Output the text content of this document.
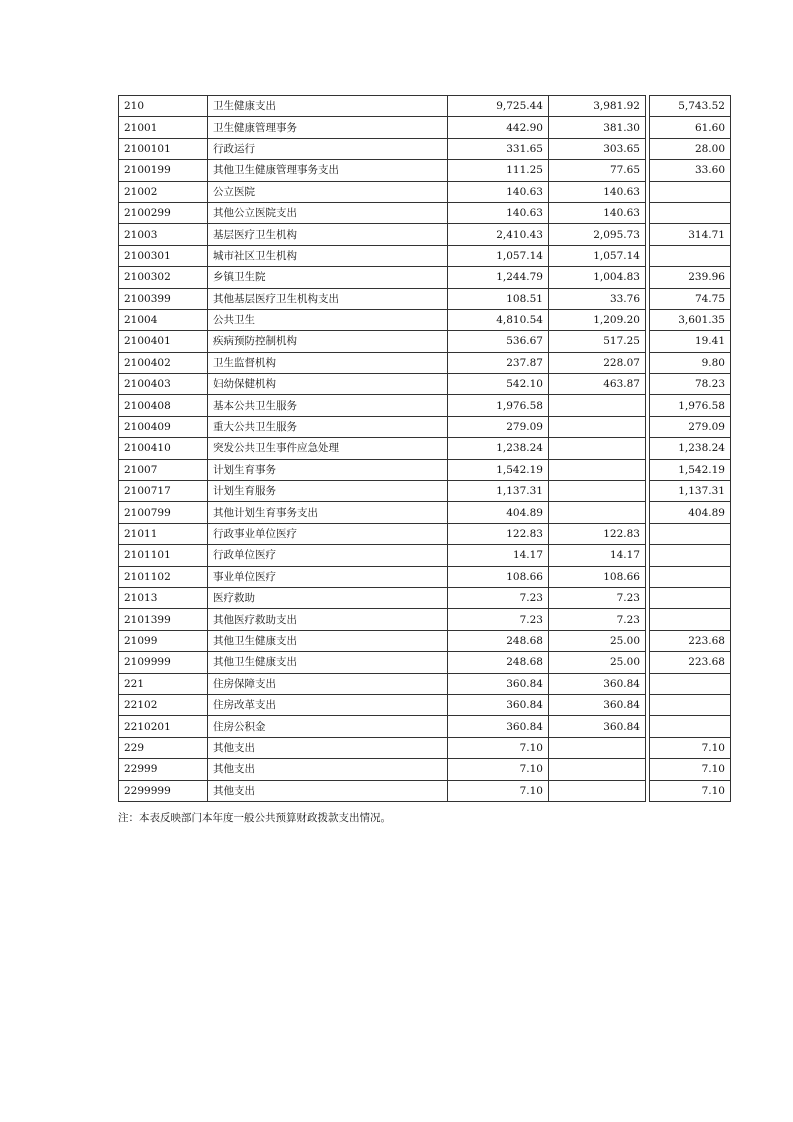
210	卫生健康支出	9,725.44	3,981.92		5,743.52
21001	卫生健康管理事务	442.90	381.30		61.60
2100101	行政运行	331.65	303.65		28.00
2100199	其他卫生健康管理事务支出	111.25	77.65		33.60
21002	公立医院	140.63	140.63		
2100299	其他公立医院支出	140.63	140.63		
21003	基层医疗卫生机构	2,410.43	2,095.73		314.71
2100301	城市社区卫生机构	1,057.14	1,057.14		
2100302	乡镇卫生院	1,244.79	1,004.83		239.96
2100399	其他基层医疗卫生机构支出	108.51	33.76		74.75
21004	公共卫生	4,810.54	1,209.20		3,601.35
2100401	疾病预防控制机构	536.67	517.25		19.41
2100402	卫生监督机构	237.87	228.07		9.80
2100403	妇幼保健机构	542.10	463.87		78.23
2100408	基本公共卫生服务	1,976.58			1,976.58
2100409	重大公共卫生服务	279.09			279.09
2100410	突发公共卫生事件应急处理	1,238.24			1,238.24
21007	计划生育事务	1,542.19			1,542.19
2100717	计划生育服务	1,137.31			1,137.31
2100799	其他计划生育事务支出	404.89			404.89
21011	行政事业单位医疗	122.83	122.83		
2101101	行政单位医疗	14.17	14.17		
2101102	事业单位医疗	108.66	108.66		
21013	医疗救助	7.23	7.23		
2101399	其他医疗救助支出	7.23	7.23		
21099	其他卫生健康支出	248.68	25.00		223.68
2109999	其他卫生健康支出	248.68	25.00		223.68
221	住房保障支出	360.84	360.84		
22102	住房改革支出	360.84	360.84		
2210201	住房公积金	360.84	360.84		
229	其他支出	7.10			7.10
22999	其他支出	7.10			7.10
2299999	其他支出	7.10			7.10
注：本表反映部门本年度一般公共预算财政拨款支出情况。
